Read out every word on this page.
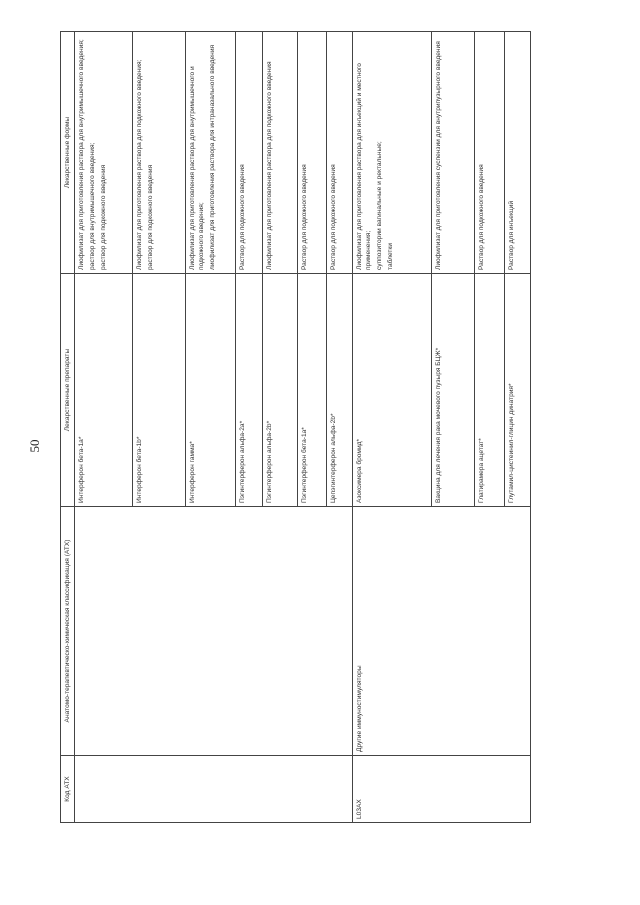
50
Код АТХ	Анатомо-терапевтическо-химическая классификация (АТХ)	Лекарственные препараты	Лекарственные формы
		Интерферон бета-1a*	Лиофилизат для приготовления раствора для внутримышечного введения; раствор для внутримышечного введения; раствор для подкожного введения

		Интерферон бета-1b*	Лиофилизат для приготовления раствора для подкожного введения; раствор для подкожного введения

		Интерферон гамма*	Лиофилизат для приготовления раствора для внутримышечного и подкожного введения; лиофилизат для приготовления раствора для интраназального введения

		Пэгинтерферон альфа-2a*	Раствор для подкожного введения

		Пэгинтерферон альфа-2b*	Лиофилизат для приготовления раствора для подкожного введения

		Пэгинтерферон бета-1a*	Раствор для подкожного введения

		Цепэгинтерферон альфа-2b*	Раствор для подкожного введения

L03AX	Другие иммуностимуляторы	Азоксимера бромид*	Лиофилизат для приготовления раствора для инъекций и местного применения; суппозитории вагинальные и ректальные; таблетки

		Вакцина для лечения рака мочевого пузыря БЦЖ*	Лиофилизат для приготовления суспензии для внутрипузырного введения

		Глатирамера ацетат*	Раствор для подкожного введения

		Глутамил-цистеинил-глицин динатрия*	Раствор для инъекций
